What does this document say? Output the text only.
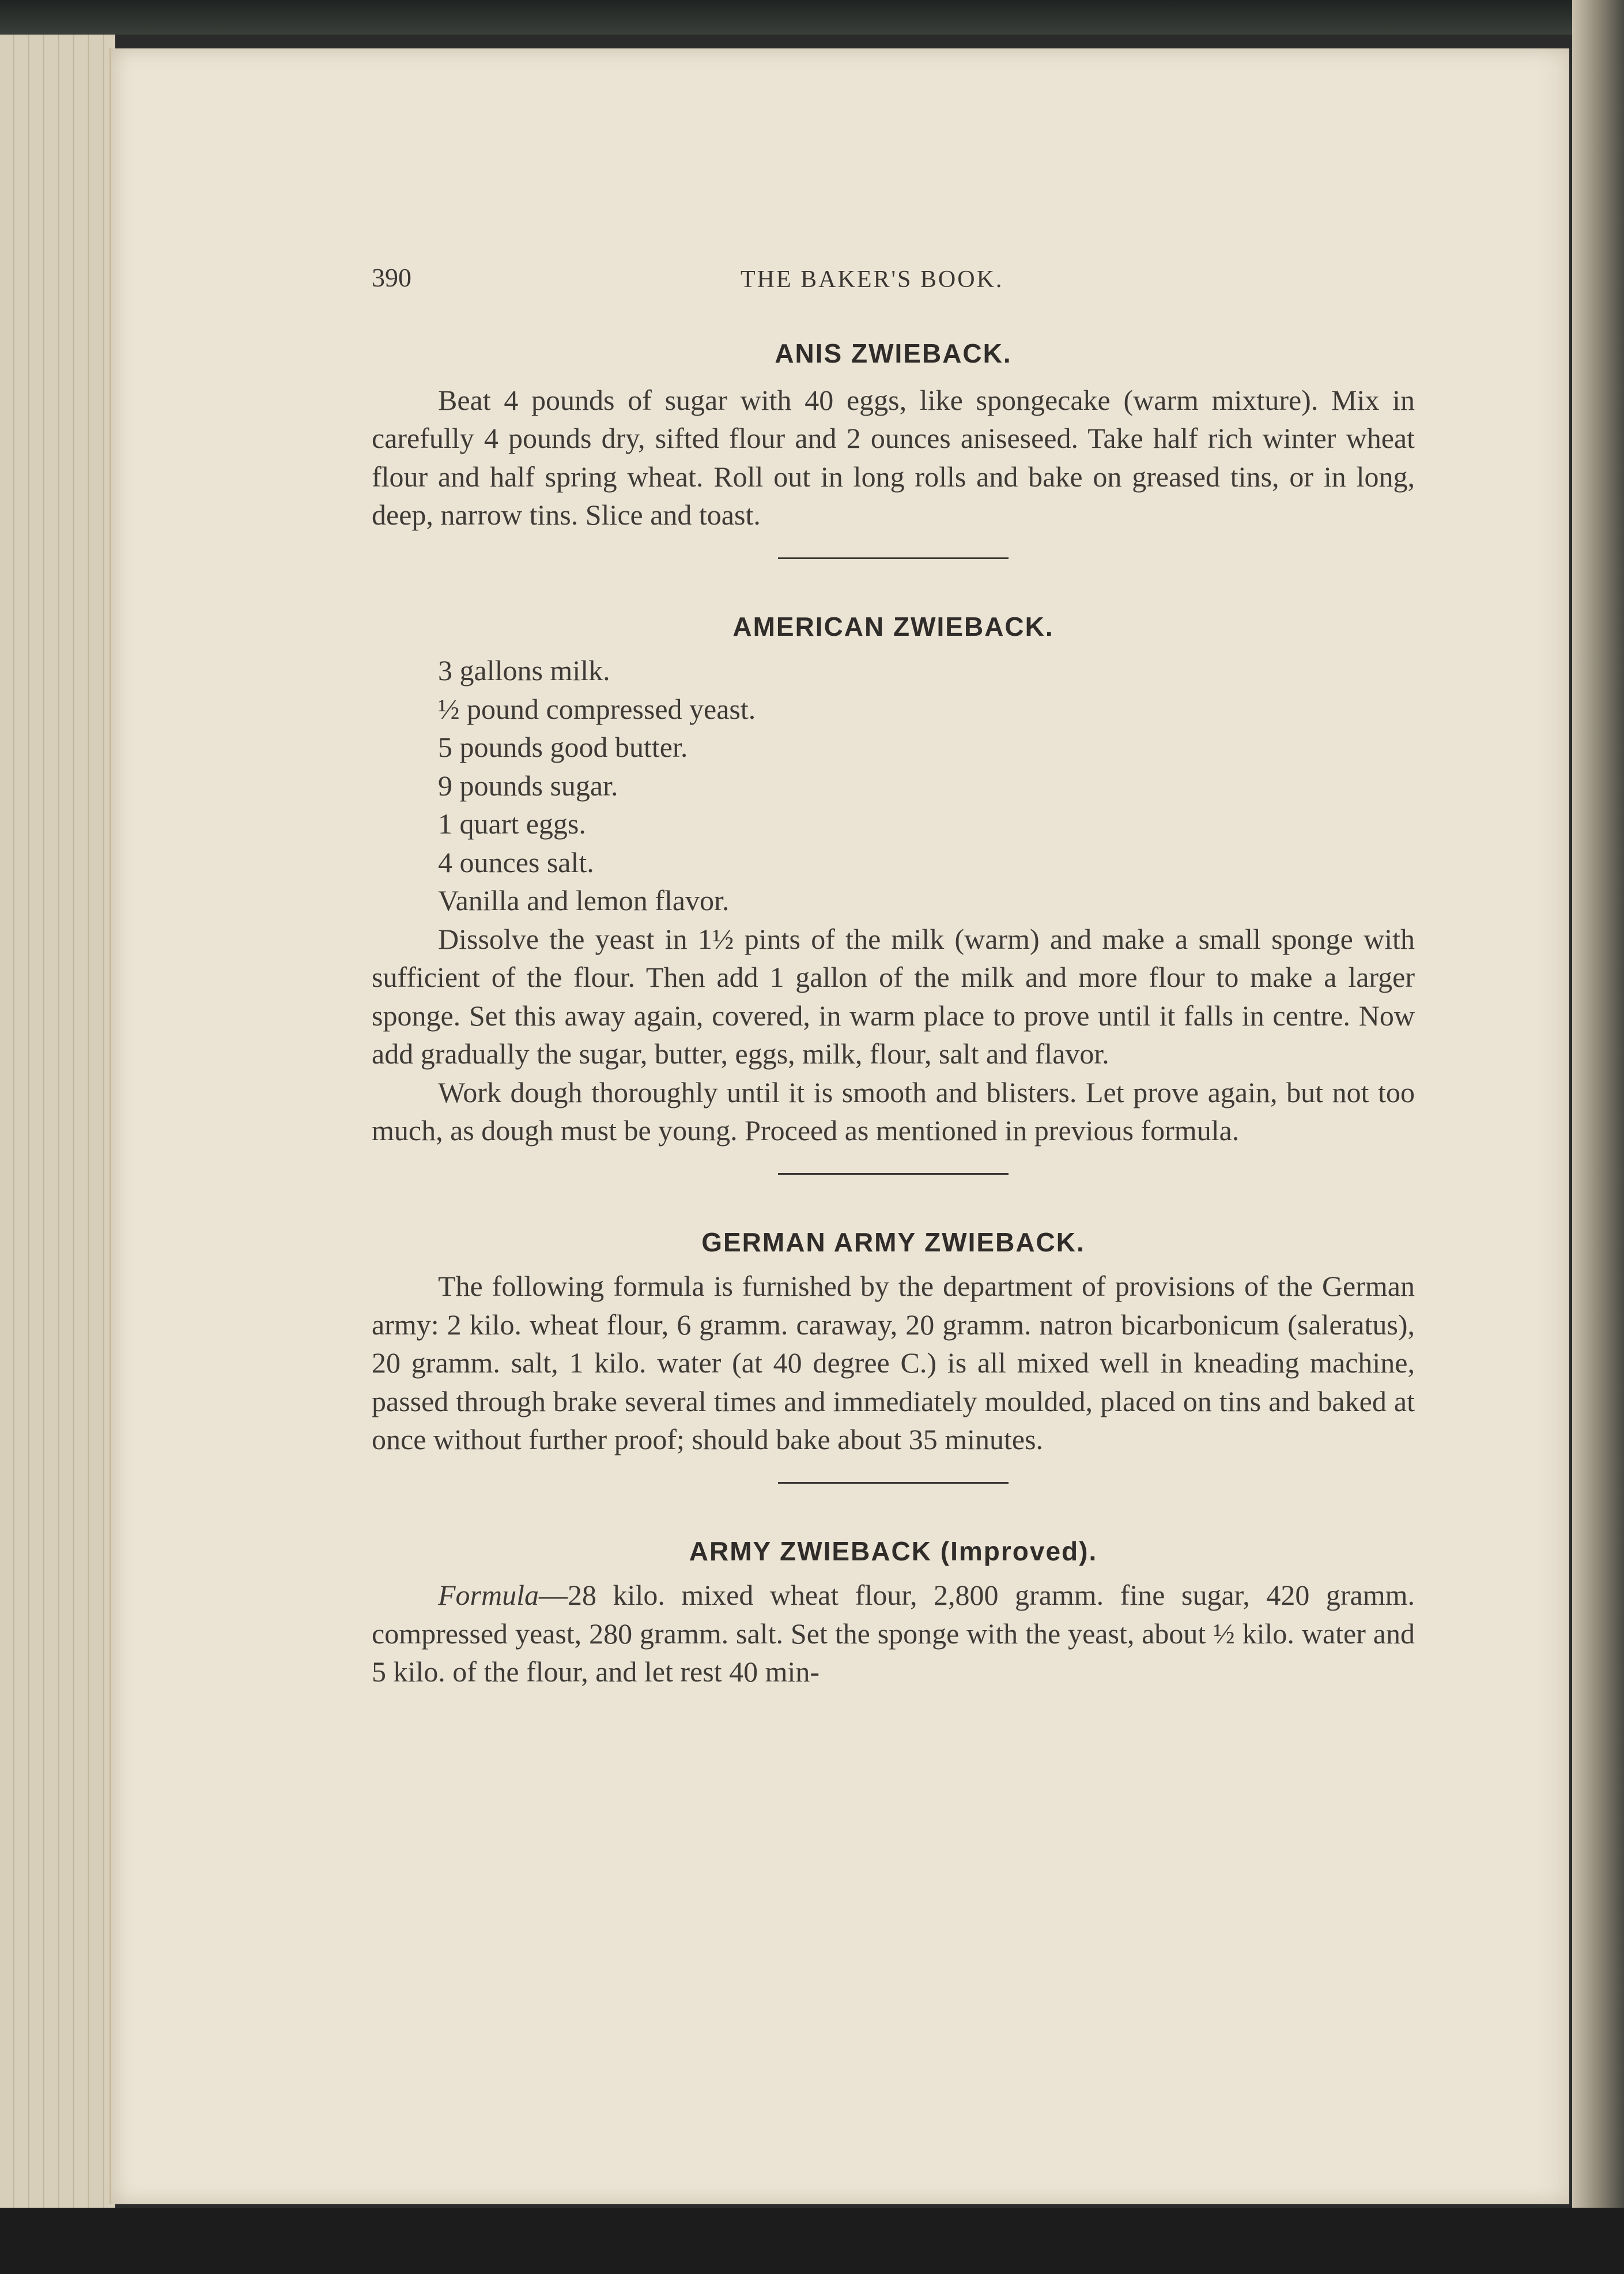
390	THE BAKER'S BOOK.
ANIS ZWIEBACK.

Beat 4 pounds of sugar with 40 eggs, like spongecake (warm mixture). Mix in carefully 4 pounds dry, sifted flour and 2 ounces aniseseed. Take half rich winter wheat flour and half spring wheat. Roll out in long rolls and bake on greased tins, or in long, deep, narrow tins. Slice and toast.

AMERICAN ZWIEBACK.
3 gallons milk.
½ pound compressed yeast.
5 pounds good butter.
9 pounds sugar.
1 quart eggs.
4 ounces salt.
Vanilla and lemon flavor.

Dissolve the yeast in 1½ pints of the milk (warm) and make a small sponge with sufficient of the flour. Then add 1 gallon of the milk and more flour to make a larger sponge. Set this away again, covered, in warm place to prove until it falls in centre. Now add gradually the sugar, butter, eggs, milk, flour, salt and flavor.

Work dough thoroughly until it is smooth and blisters. Let prove again, but not too much, as dough must be young. Proceed as mentioned in previous formula.

GERMAN ARMY ZWIEBACK.

The following formula is furnished by the department of provisions of the German army: 2 kilo. wheat flour, 6 gramm. caraway, 20 gramm. natron bicarbonicum (saleratus), 20 gramm. salt, 1 kilo. water (at 40 degree C.) is all mixed well in kneading machine, passed through brake several times and immediately moulded, placed on tins and baked at once without further proof; should bake about 35 minutes.

ARMY ZWIEBACK (Improved).

Formula—28 kilo. mixed wheat flour, 2,800 gramm. fine sugar, 420 gramm. compressed yeast, 280 gramm. salt. Set the sponge with the yeast, about ½ kilo. water and 5 kilo. of the flour, and let rest 40 min-
